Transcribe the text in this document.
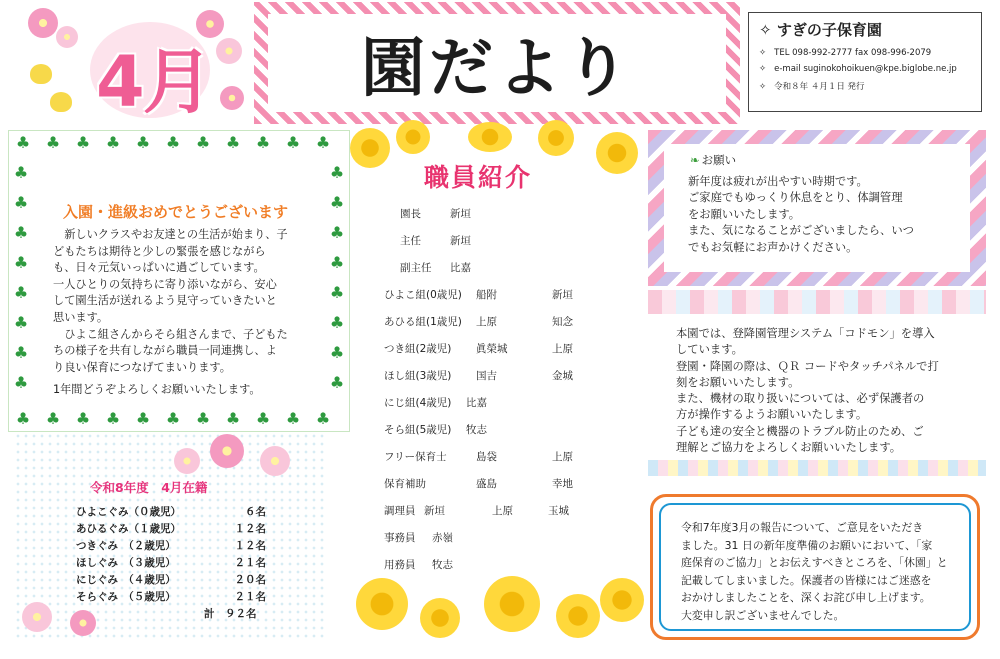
4月 園だより
✧ すぎの子保育園
✧ TEL 098-992-2777 fax 098-996-2079
✧ e-mail suginokohoikuen@kpe.biglobe.ne.jp
✧ 令和８年 ４月１日 発行
♣
♣
♣
♣
♣
♣
♣
♣
♣
♣
♣
♣
♣
♣
♣
♣
♣
♣
♣
♣
♣
♣
♣	♣
♣	♣
♣	♣
♣	♣
♣	♣
♣	♣
♣	♣
♣	♣
入園・進級おめでとうございます

　新しいクラスやお友達との生活が始まり、子

どもたちは期待と少しの緊張を感じながら

も、日々元気いっぱいに過ごしています。

一人ひとりの気持ちに寄り添いながら、安心

して園生活が送れるよう見守っていきたいと

思います。

　ひよこ組さんからそら組さんまで、子どもた

ちの様子を共有しながら職員一同連携し、よ

り良い保育につなげてまいります。

1年間どうぞよろしくお願いいたします。

令和8年度　4月在籍
ひよこぐみ（０歳児）	６名
あひるぐみ（１歳児）	１２名
つきぐみ　（２歳児）	１２名
ほしぐみ　（３歳児）	２１名
にじぐみ　（４歳児）	２０名
そらぐみ　（５歳児）	２１名
計　９２名
職員紹介
園長	新垣
主任	新垣
副主任 比嘉
ひよこ組(0歳児) 船附	新垣
あひる組(1歳児) 上原	知念
つき組(2歳児) 眞榮城	上原
ほし組(3歳児) 国吉	金城
にじ組(4歳児) 比嘉
そら組(5歳児) 牧志
フリー保育士	島袋	上原
保育補助	盛島	幸地
調理員 新垣	上原	玉城
事務員 赤嶺
用務員 牧志
❧ お願い

新年度は疲れが出やすい時期です。

ご家庭でもゆっくり休息をとり、体調管理

をお願いいたします。

また、気になることがございましたら、いつ

でもお気軽にお声かけください。

本園では、登降園管理システム「コドモン」を導入

しています。

登園・降園の際は、ＱＲ コードやタッチパネルで打

刻をお願いいたします。

また、機材の取り扱いについては、必ず保護者の

方が操作するようお願いいたします。

子ども達の安全と機器のトラブル防止のため、ご

理解とご協力をよろしくお願いいたします。

令和7年度3月の報告について、ご意見をいただき

ました。31 日の新年度準備のお願いにおいて、「家

庭保育のご協力」とお伝えすべきところを、「休園」と

記載してしまいました。保護者の皆様にはご迷惑を

おかけしましたことを、深くお詫び申し上げます。

大変申し訳ございませんでした。
